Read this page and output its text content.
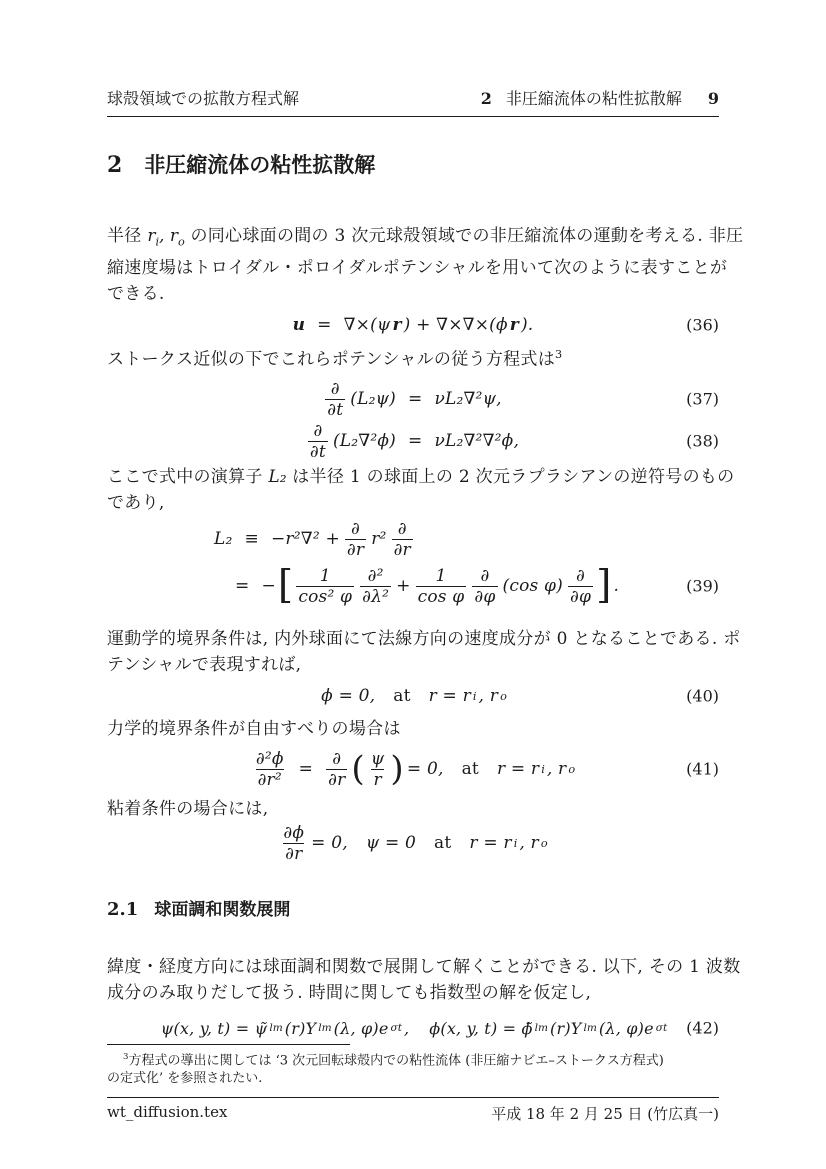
球殻領域での拡散方程式解	2 非圧縮流体の粘性拡散解 9
2 非圧縮流体の粘性拡散解

半径 $r_i$, $r_o$ の同心球面の間の 3 次元球殻領域での非圧縮流体の運動を考える. 非圧
縮速度場はトロイダル・ポロイダルポテンシャルを用いて次のように表すことが
できる.

u = ∇×(ψ r ) + ∇×∇×(ϕ r ).	(36)

ストークス近似の下でこれらポテンシャルの従う方程式は$^3$

$\frac{\partial}{\partial t} (L_2\psi) = \nu L_2\nabla^2\psi$,	(37)
$\frac{\partial}{\partial t} (L_2\nabla^2\phi) = \nu L_2\nabla^2\nabla^2\phi$,	(38)

ここで式中の演算子 L₂ は半径 1 の球面上の 2 次元ラプラシアンの逆符号のもの
であり,

$L_2 \equiv -r^2\nabla^2 + \frac{\partial}{\partial r} r^2 \frac{\partial}{\partial r}$
= − [ $\frac{1}{\text{cos² φ}} \frac{\text{∂²}}{\text{∂λ²}} + \frac{1}{\text{cos φ}} \frac{\partial}{\partial\varphi} (\cos$ $\varphi) \frac{\partial}{\partial\varphi}$ ] .	(39)

運動学的境界条件は, 内外球面にて法線方向の速度成分が 0 となることである. ポ
テンシャルで表現すれば,

ϕ = 0, at r = r i , r o	(40)

力学的境界条件が自由すべりの場合は

$\frac{\text{∂²ϕ}}{\text{∂r²}} = \frac{\partial}{\partial r}$ ( $\frac{\psi}{r}$ ) = 0, at r = r i , r o	(41)

粘着条件の場合には,

$\frac{\partial\phi}{\partial r} = 0$, ψ = 0 at r = r i , r o
2.1 球面調和関数展開

緯度・経度方向には球面調和関数で展開して解くことができる. 以下, その 1 波数
成分のみ取りだして扱う. 時間に関しても指数型の解を仮定し,

ψ(x, y, t) = ψ̃ lm (r)Y lm (λ, φ)e σt , ϕ(x, y, t) = ϕ̃ lm (r)Y lm (λ, φ)e σt (42)

$^3$方程式の導出に関しては ‘3 次元回転球殻内での粘性流体 (非圧縮ナビエ–ストークス方程式)
の定式化’ を参照されたい.

wt_diffusion.tex	平成 18 年 2 月 25 日 (竹広真一)
